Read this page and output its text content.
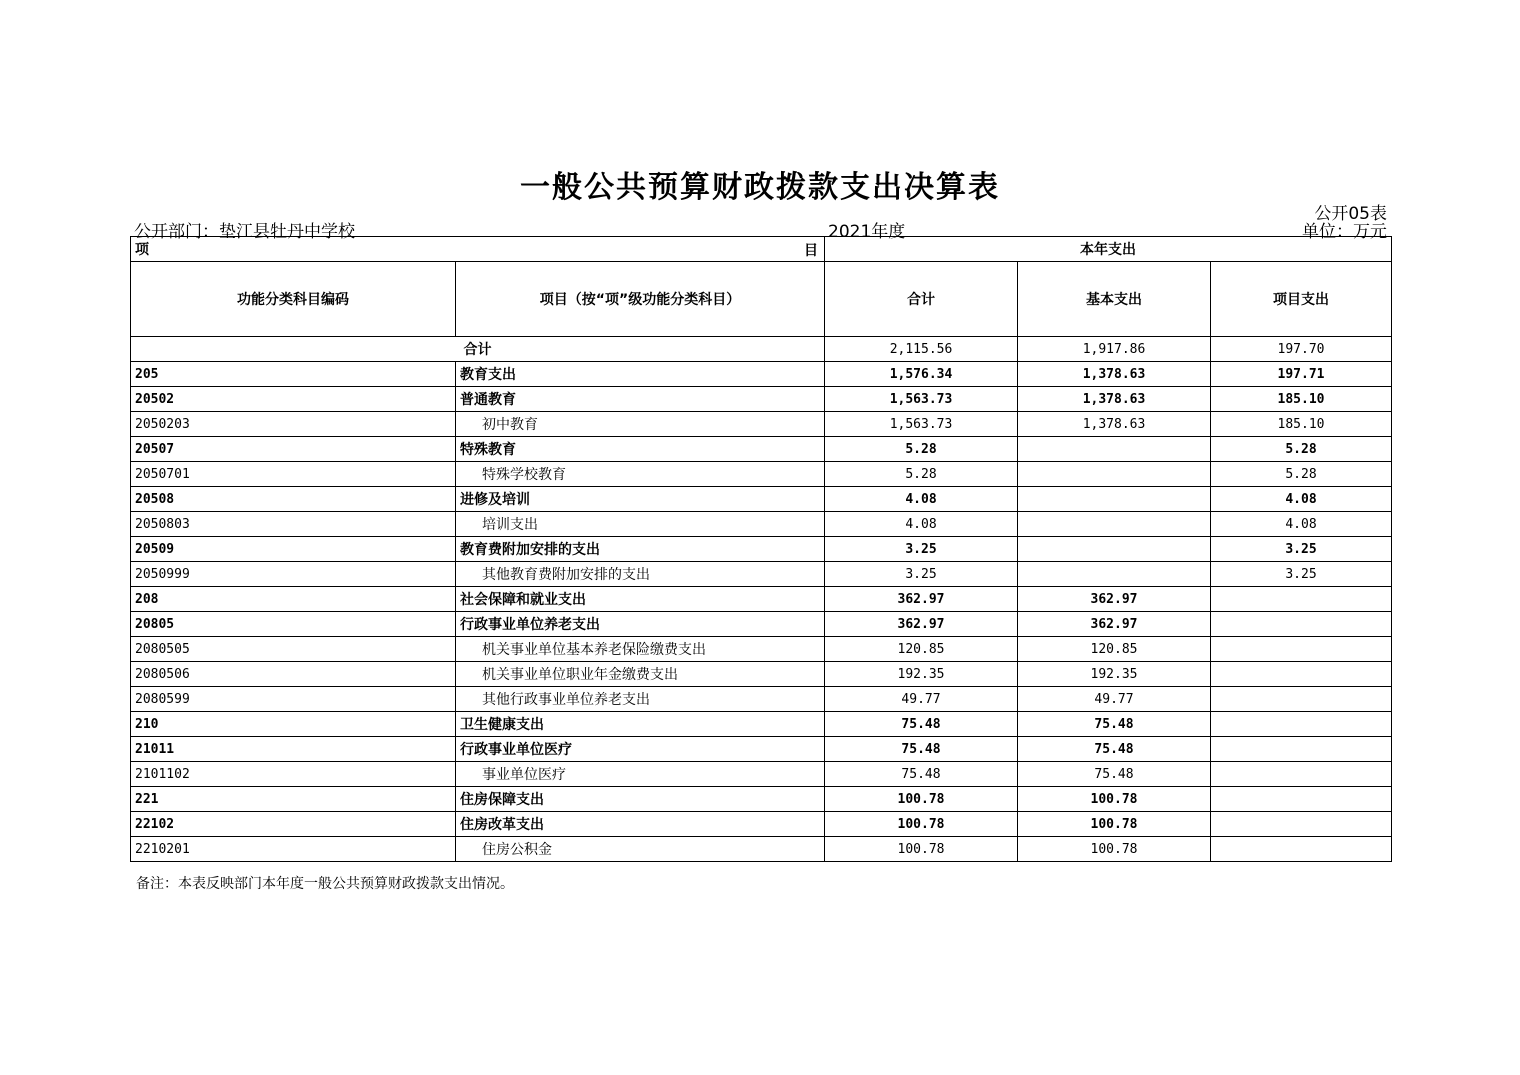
一般公共预算财政拨款支出决算表
公开05表
公开部门：垫江县牡丹中学校	2021年度	单位：万元
项 目		本年支出		
功能分类科目编码	项目（按“项”级功能分类科目）	合计	基本支出	项目支出
合计		2,115.56	1,917.86	197.70
205	教育支出	1,576.34	1,378.63	197.71
20502	普通教育	1,563.73	1,378.63	185.10
2050203	初中教育	1,563.73	1,378.63	185.10
20507	特殊教育	5.28		5.28
2050701	特殊学校教育	5.28		5.28
20508	进修及培训	4.08		4.08
2050803	培训支出	4.08		4.08
20509	教育费附加安排的支出	3.25		3.25
2050999	其他教育费附加安排的支出	3.25		3.25
208	社会保障和就业支出	362.97	362.97	
20805	行政事业单位养老支出	362.97	362.97	
2080505	机关事业单位基本养老保险缴费支出	120.85	120.85	
2080506	机关事业单位职业年金缴费支出	192.35	192.35	
2080599	其他行政事业单位养老支出	49.77	49.77	
210	卫生健康支出	75.48	75.48	
21011	行政事业单位医疗	75.48	75.48	
2101102	事业单位医疗	75.48	75.48	
221	住房保障支出	100.78	100.78	
22102	住房改革支出	100.78	100.78	
2210201	住房公积金	100.78	100.78	
备注：本表反映部门本年度一般公共预算财政拨款支出情况。
